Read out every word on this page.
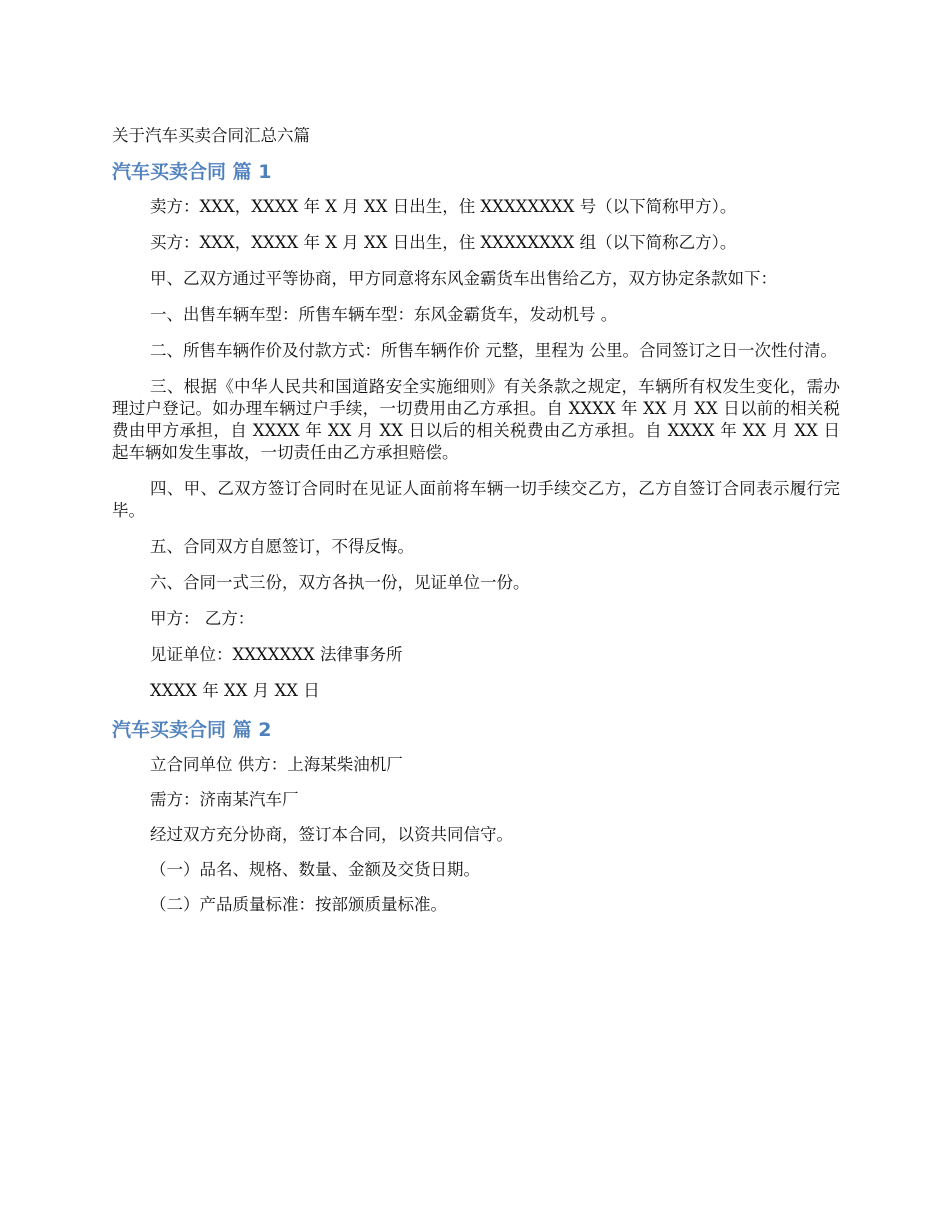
关于汽车买卖合同汇总六篇
汽车买卖合同 篇 1

卖方：XXX，XXXX 年 X 月 XX 日出生，住 XXXXXXXX 号（以下简称甲方）。

买方：XXX，XXXX 年 X 月 XX 日出生，住 XXXXXXXX 组（以下简称乙方）。

甲、乙双方通过平等协商，甲方同意将东风金霸货车出售给乙方，双方协定条款如下：

一、出售车辆车型：所售车辆车型：东风金霸货车，发动机号 。

二、所售车辆作价及付款方式：所售车辆作价 元整，里程为 公里。合同签订之日一次性付清。

三、根据《中华人民共和国道路安全实施细则》有关条款之规定，车辆所有权发生变化，需办理过户登记。如办理车辆过户手续，一切费用由乙方承担。自 XXXX 年 XX 月 XX 日以前的相关税费由甲方承担，自 XXXX 年 XX 月 XX 日以后的相关税费由乙方承担。自 XXXX 年 XX 月 XX 日起车辆如发生事故，一切责任由乙方承担赔偿。

四、甲、乙双方签订合同时在见证人面前将车辆一切手续交乙方，乙方自签订合同表示履行完毕。

五、合同双方自愿签订，不得反悔。

六、合同一式三份，双方各执一份，见证单位一份。

甲方： 乙方：

见证单位：XXXXXXX 法律事务所

XXXX 年 XX 月 XX 日

汽车买卖合同 篇 2

立合同单位 供方：上海某柴油机厂

需方：济南某汽车厂

经过双方充分协商，签订本合同，以资共同信守。

（一）品名、规格、数量、金额及交货日期。

（二）产品质量标准：按部颁质量标准。
